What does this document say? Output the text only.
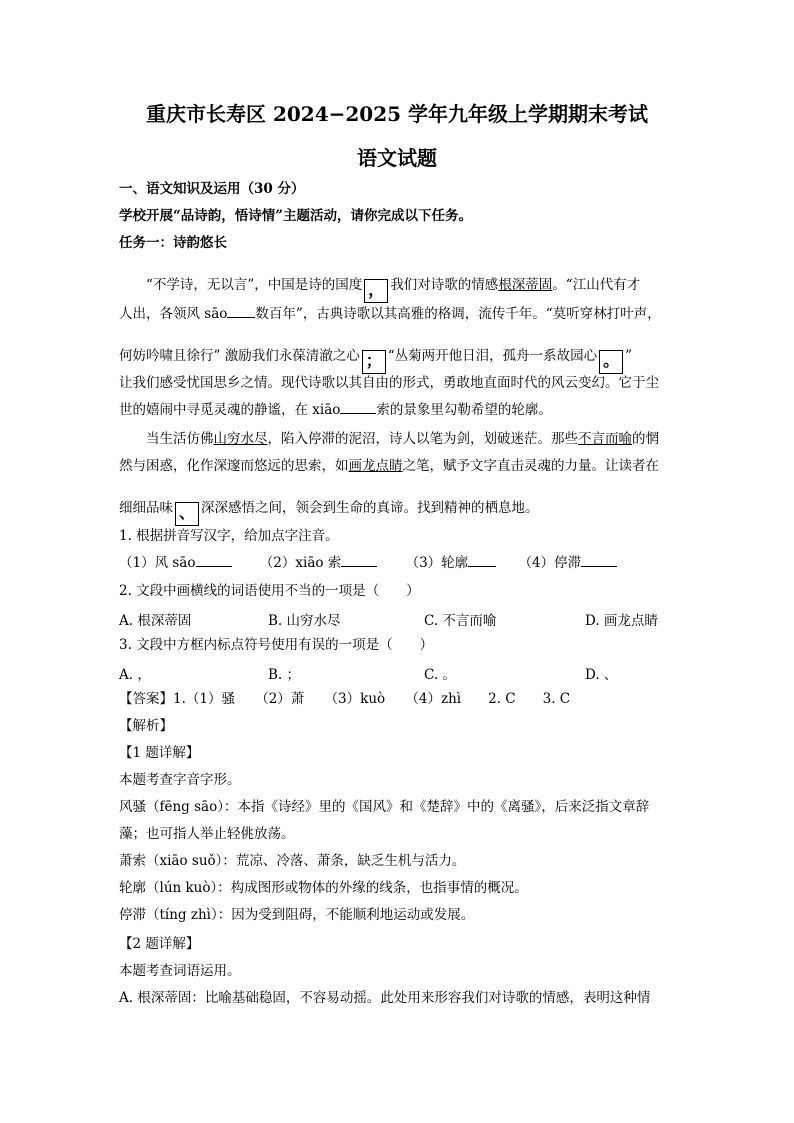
重庆市长寿区 2024−2025 学年九年级上学期期末考试
语文试题
一、语文知识及运用（30 分）
学校开展“品诗韵，悟诗情”主题活动，请你完成以下任务。
任务一：诗韵悠长
“不学诗，无以言”，中国是诗的国度 ， 我们对诗歌的情感根深蒂固。“江山代有才
人出，各领风 sāo 数百年”，古典诗歌以其高雅的格调，流传千年。“莫听穿林打叶声，
何妨吟啸且徐行” 激励我们永葆清澈之心 ； “丛菊两开他日泪，孤舟一系故园心 。 ”
让我们感受忧国思乡之情。现代诗歌以其自由的形式，勇敢地直面时代的风云变幻。它于尘
世的嬉闹中寻觅灵魂的静谧，在 xiāo	索的景象里勾勒希望的轮廓。
当生活仿佛山穷水尽，陷入停滞的泥沼，诗人以笔为剑，划破迷茫。那些不言而喻的惘
然与困惑，化作深邃而悠远的思索，如画龙点睛之笔，赋予文字直击灵魂的力量。让读者在
细细品味 、 深深感悟之间，领会到生命的真谛。找到精神的栖息地。
1. 根据拼音写汉字，给加点字注音。
（1）风 sāo	（2）xiāo 索	（3）轮廓	（4）停滞
2. 文段中画横线的词语使用不当的一项是（　　）
A. 根深蒂固	B. 山穷水尽	C. 不言而喻	D. 画龙点睛
3. 文段中方框内标点符号使用有误的一项是（　　）
A. ，	B. ；	C. 。	D. 、
【答案】1.（1）骚　　（2）萧　　（3）kuò　　（4）zhì　　2. C　　3. C
【解析】
【1 题详解】
本题考查字音字形。
风骚（fēng sāo）：本指《诗经》里的《国风》和《楚辞》中的《离骚》，后来泛指文章辞
藻；也可指人举止轻佻放荡。
萧索（xiāo suǒ）：荒凉、冷落、萧条，缺乏生机与活力。
轮廓（lún kuò）：构成图形或物体的外缘的线条，也指事情的概况。
停滞（tíng zhì）：因为受到阻碍，不能顺利地运动或发展。
【2 题详解】
本题考查词语运用。
A. 根深蒂固：比喻基础稳固，不容易动摇。此处用来形容我们对诗歌的情感，表明这种情
